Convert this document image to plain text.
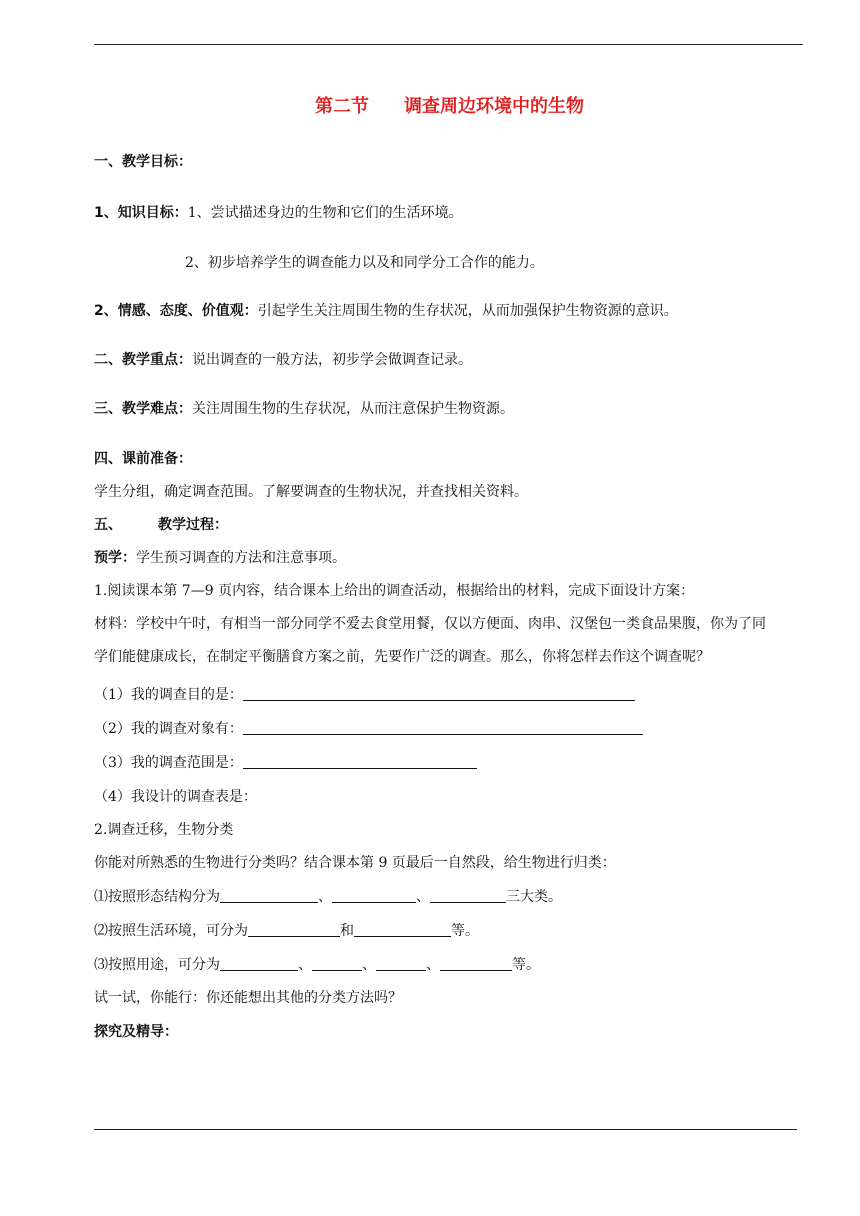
第二节 调查周边环境中的生物
一、教学目标：
1、知识目标：1、尝试描述身边的生物和它们的生活环境。
2、初步培养学生的调查能力以及和同学分工合作的能力。
2、情感、态度、价值观：引起学生关注周围生物的生存状况，从而加强保护生物资源的意识。
二、教学重点：说出调查的一般方法，初步学会做调查记录。
三、教学难点：关注周围生物的生存状况，从而注意保护生物资源。
四、课前准备：
学生分组，确定调查范围。了解要调查的生物状况，并查找相关资料。
五、	教学过程：
预学：学生预习调查的方法和注意事项。
1.阅读课本第 7—9 页内容，结合课本上给出的调查活动，根据给出的材料，完成下面设计方案：
材料：学校中午时，有相当一部分同学不爱去食堂用餐，仅以方便面、肉串、汉堡包一类食品果腹，你为了同
学们能健康成长，在制定平衡膳食方案之前，先要作广泛的调查。那么，你将怎样去作这个调查呢？
（1）我的调查目的是：
（2）我的调查对象有：
（3）我的调查范围是：
（4）我设计的调查表是：
2.调查迁移，生物分类
你能对所熟悉的生物进行分类吗？结合课本第 9 页最后一自然段，给生物进行归类：
⑴按照形态结构分为	、	、	三大类。
⑵按照生活环境，可分为	和	等。
⑶按照用途，可分为	、	、	、	等。
试一试，你能行：你还能想出其他的分类方法吗？
探究及精导：
